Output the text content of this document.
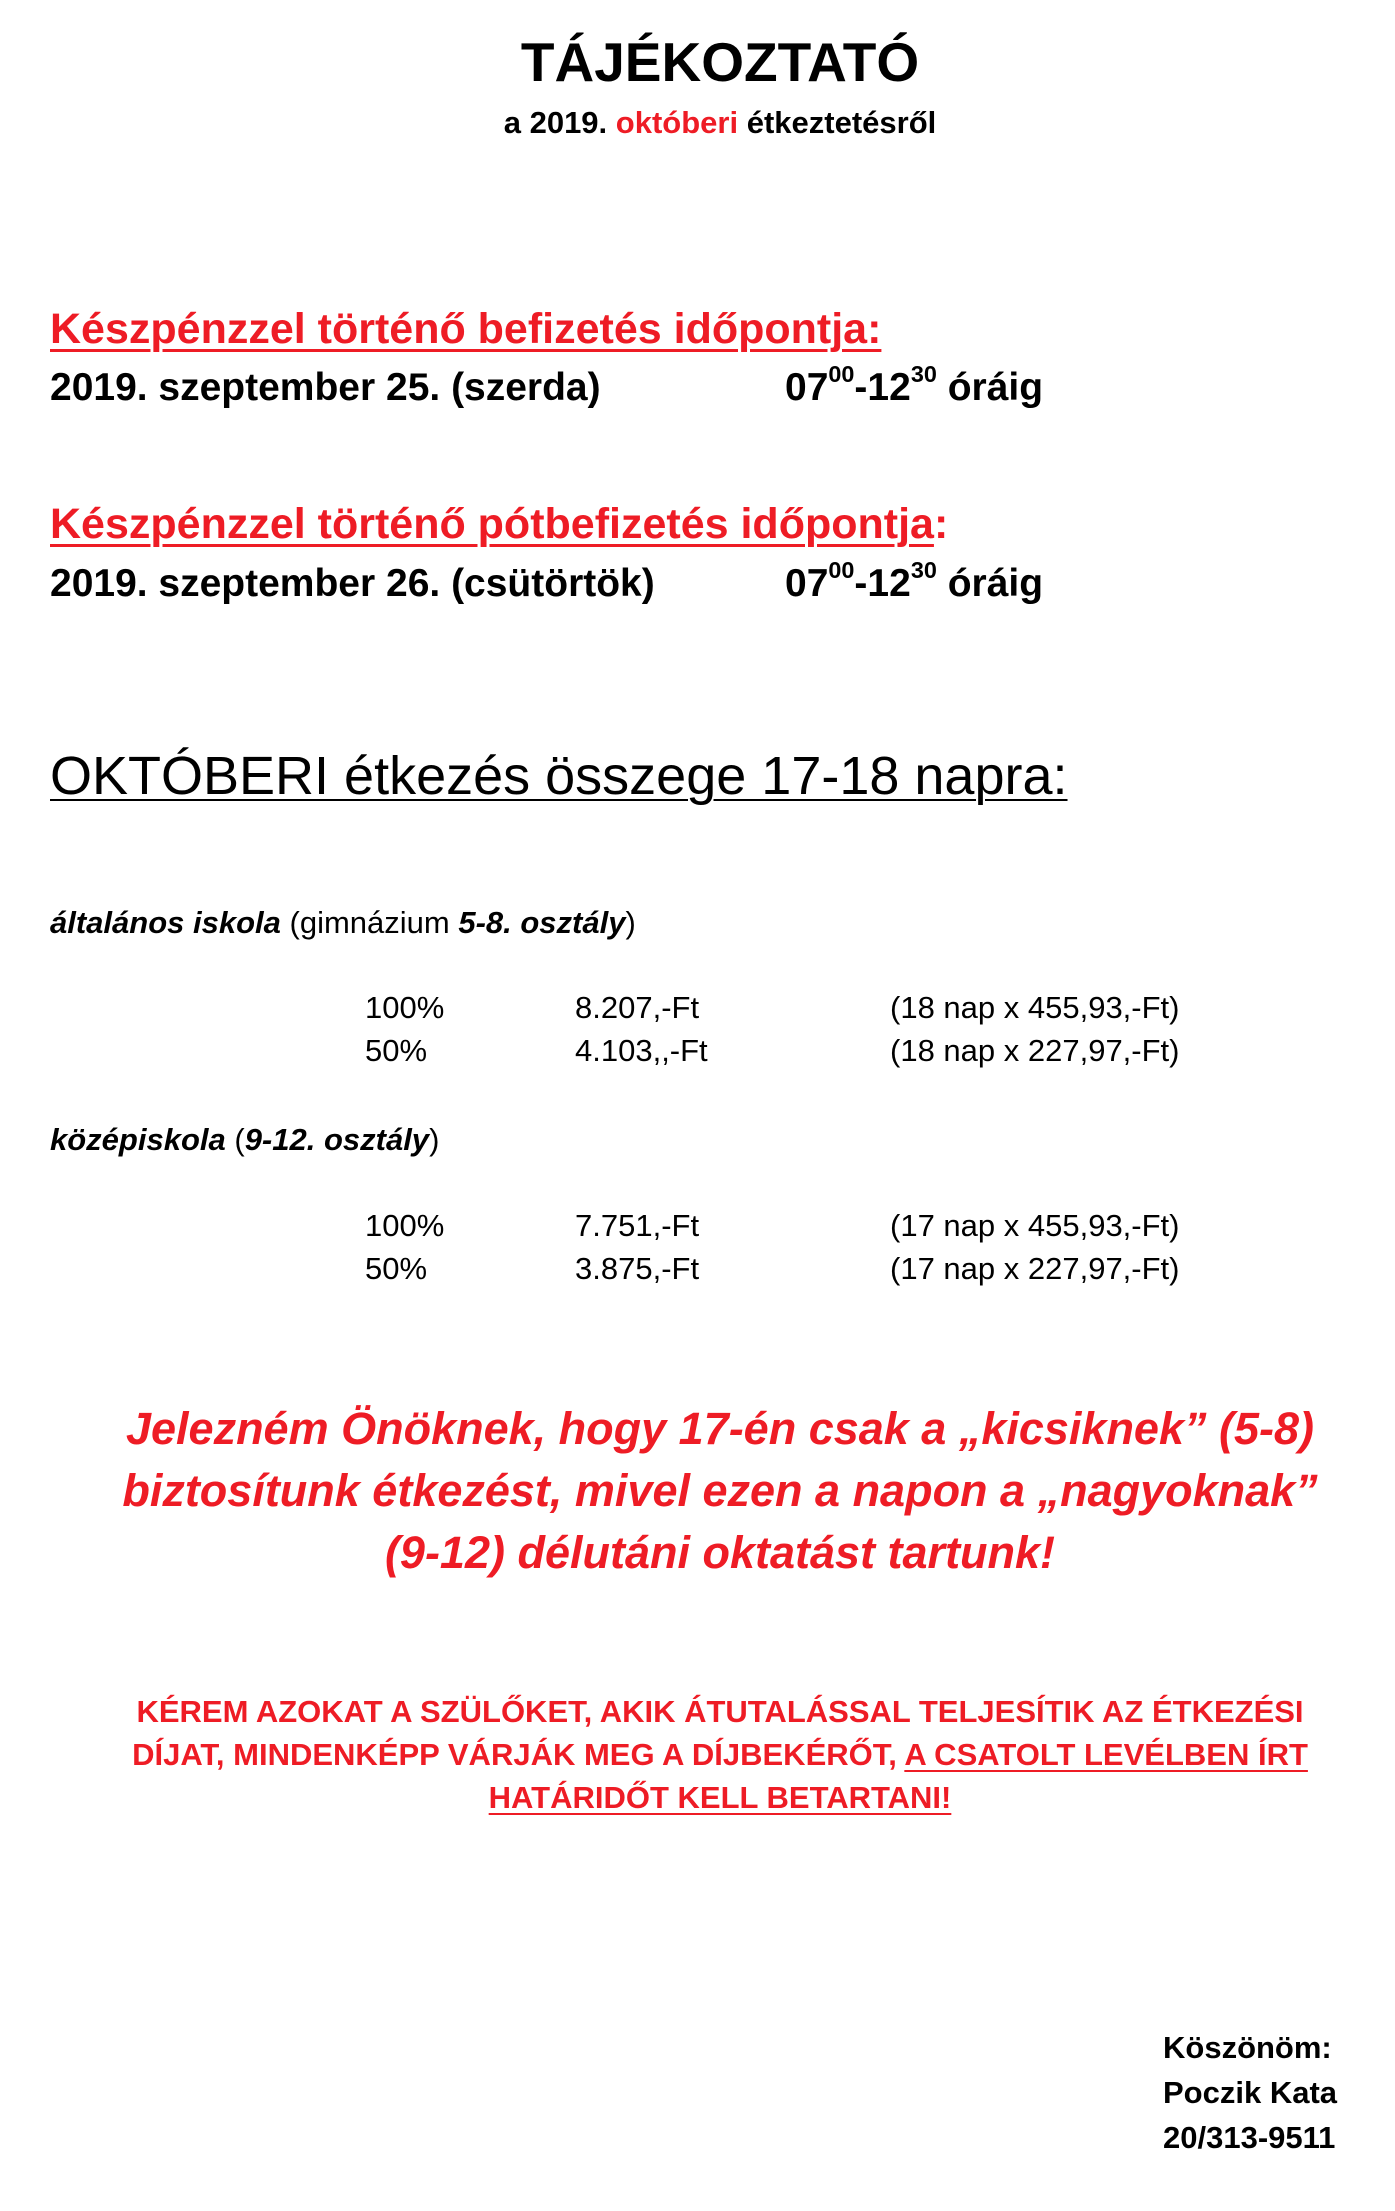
TÁJÉKOZTATÓ
a 2019. októberi étkeztetésről
Készpénzzel történő befizetés időpontja:
2019. szeptember 25. (szerda)	$07^{00}-12^{30}$ óráig
Készpénzzel történő pótbefizetés időpontja:
2019. szeptember 26. (csütörtök)	$07^{00}-12^{30}$ óráig
OKTÓBERI étkezés összege 17-18 napra:
általános iskola (gimnázium 5-8. osztály)
100%	8.207,-Ft	(18 nap x 455,93,-Ft)
50%	4.103,,-Ft	(18 nap x 227,97,-Ft)
középiskola (9-12. osztály)
100%	7.751,-Ft	(17 nap x 455,93,-Ft)
50%	3.875,-Ft	(17 nap x 227,97,-Ft)
Jelezném Önöknek, hogy 17-én csak a „kicsiknek” (5-8)
biztosítunk étkezést, mivel ezen a napon a „nagyoknak”
(9-12) délutáni oktatást tartunk!
KÉREM AZOKAT A SZÜLŐKET, AKIK ÁTUTALÁSSAL TELJESÍTIK AZ ÉTKEZÉSI
DÍJAT, MINDENKÉPP VÁRJÁK MEG A DÍJBEKÉRŐT, A CSATOLT LEVÉLBEN ÍRT
HATÁRIDŐT KELL BETARTANI!
Köszönöm:
Poczik Kata
20/313-9511
